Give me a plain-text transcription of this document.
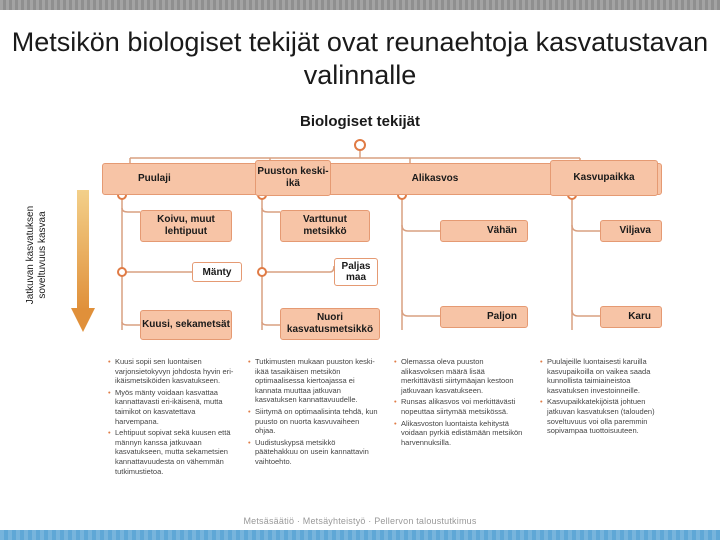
Metsikön biologiset tekijät ovat reunaehtoja kasvatustavan valinnalle
Biologiset tekijät
Jatkuvan kasvatuksen soveltuvuus kasvaa
Puulaji
Puuston keski-ikä	Alikasvos	Kasvupaikka
Koivu, muut lehtipuut
Mänty
Kuusi, sekametsät
Varttunut metsikkö
Paljas maa
Nuori kasvatusmetsikkö
Vähän
Paljon
Viljava
Karu

• Kuusi sopii sen luontaisen varjonsietokyvyn johdosta hyvin eri-ikäismetsiköiden kasvatukseen.

• Myös mänty voidaan kasvattaa kannattavasti eri-ikäisenä, mutta taimikot on kasvatettava harvempana.

• Lehtipuut sopivat sekä kuusen että männyn kanssa jatkuvaan kasvatukseen, mutta sekametsien kannattavuudesta on vähemmän tutkimustietoa.

• Tutkimusten mukaan puuston keski-ikää tasaikäisen metsikön optimaalisessa kiertoajassa ei kannata muuttaa jatkuvan kasvatuksen kannattavuudelle.

• Siirtymä on optimaalisinta tehdä, kun puusto on nuorta kasvuvaiheen ohjaa.

• Uudistuskypsä metsikkö päätehakkuu on usein kannattavin vaihtoehto.

• Olemassa oleva puuston alikasvoksen määrä lisää merkittävästi siirtymäajan kestoon jatkuvaan kasvatukseen.

• Runsas alikasvos voi merkittävästi nopeuttaa siirtymää metsikössä.

• Alikasvoston luontaista kehitystä voidaan pyrkiä edistämään metsikön harvennuksilla.

• Puulajeille luontaisesti karuilla kasvupaikoilla on vaikea saada kunnollista taimiaineistoa kasvatuksen investoinneille.

• Kasvupaikkatekijöistä johtuen jatkuvan kasvatuksen (talouden) soveltuvuus voi olla paremmin sopivampaa tuottoisuuteen.

Metsäsäätiö · Metsäyhteistyö · Pellervon taloustutkimus
